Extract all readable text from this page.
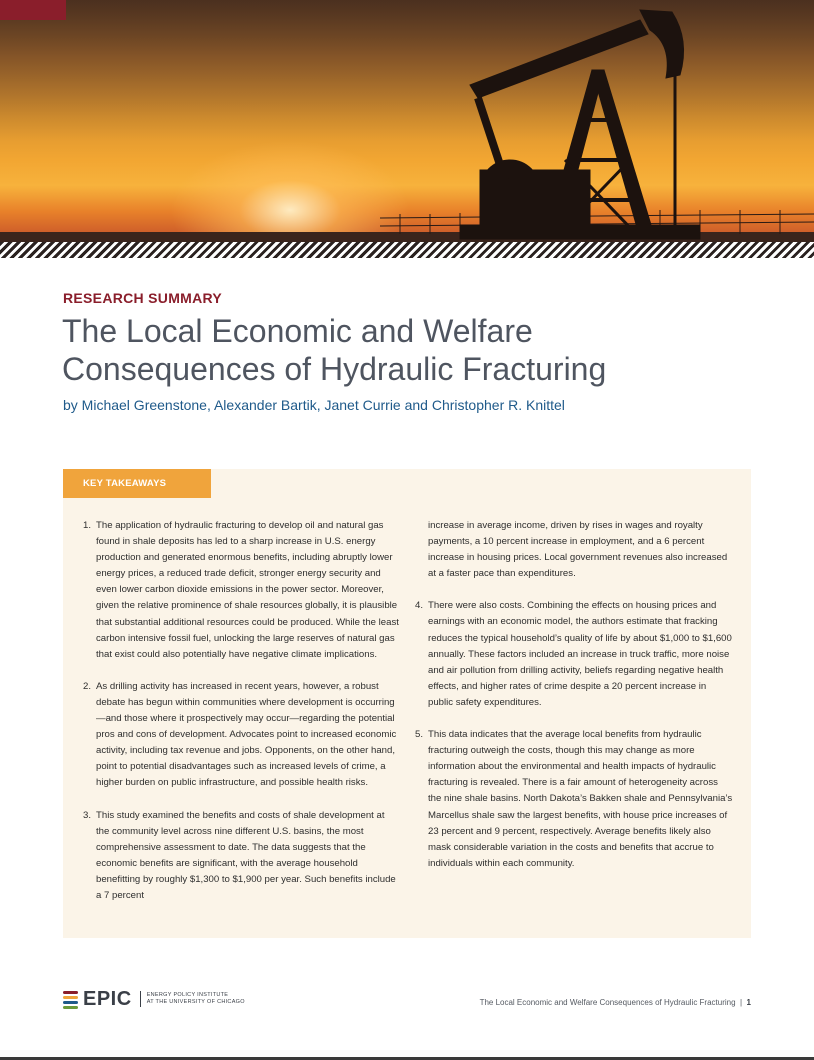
RESEARCH SUMMARY
The Local Economic and Welfare
Consequences of Hydraulic Fracturing
by Michael Greenstone, Alexander Bartik, Janet Currie and Christopher R. Knittel
KEY TAKEAWAYS
1. The application of hydraulic fracturing to develop oil and natural gas found in shale deposits has led to a sharp increase in U.S. energy production and generated enormous benefits, including abruptly lower energy prices, a reduced trade deficit, stronger energy security and even lower carbon dioxide emissions in the power sector. Moreover, given the relative prominence of shale resources globally, it is plausible that substantial additional resources could be produced. While the least carbon intensive fossil fuel, unlocking the large reserves of natural gas that exist could also potentially have negative climate implications.
2. As drilling activity has increased in recent years, however, a robust debate has begun within communities where development is occurring—and those where it prospectively may occur—regarding the potential pros and cons of development. Advocates point to increased economic activity, including tax revenue and jobs. Opponents, on the other hand, point to potential disadvantages such as increased levels of crime, a higher burden on public infrastructure, and possible health risks.
3. This study examined the benefits and costs of shale development at the community level across nine different U.S. basins, the most comprehensive assessment to date. The data suggests that the economic benefits are significant, with the average household benefitting by roughly $1,300 to $1,900 per year. Such benefits include a 7 percent
increase in average income, driven by rises in wages and royalty payments, a 10 percent increase in employment, and a 6 percent increase in housing prices. Local government revenues also increased at a faster pace than expenditures.
4. There were also costs. Combining the effects on housing prices and earnings with an economic model, the authors estimate that fracking reduces the typical household’s quality of life by about $1,000 to $1,600 annually. These factors included an increase in truck traffic, more noise and air pollution from drilling activity, beliefs regarding negative health effects, and higher rates of crime despite a 20 percent increase in public safety expenditures.
5. This data indicates that the average local benefits from hydraulic fracturing outweigh the costs, though this may change as more information about the environmental and health impacts of hydraulic fracturing is revealed. There is a fair amount of heterogeneity across the nine shale basins. North Dakota’s Bakken shale and Pennsylvania’s Marcellus shale saw the largest benefits, with house price increases of 23 percent and 9 percent, respectively. Average benefits likely also mask considerable variation in the costs and benefits that accrue to individuals within each community.
EPIC	ENERGY POLICY INSTITUTE
AT THE UNIVERSITY OF CHICAGO	The Local Economic and Welfare Consequences of Hydraulic Fracturing | 1
